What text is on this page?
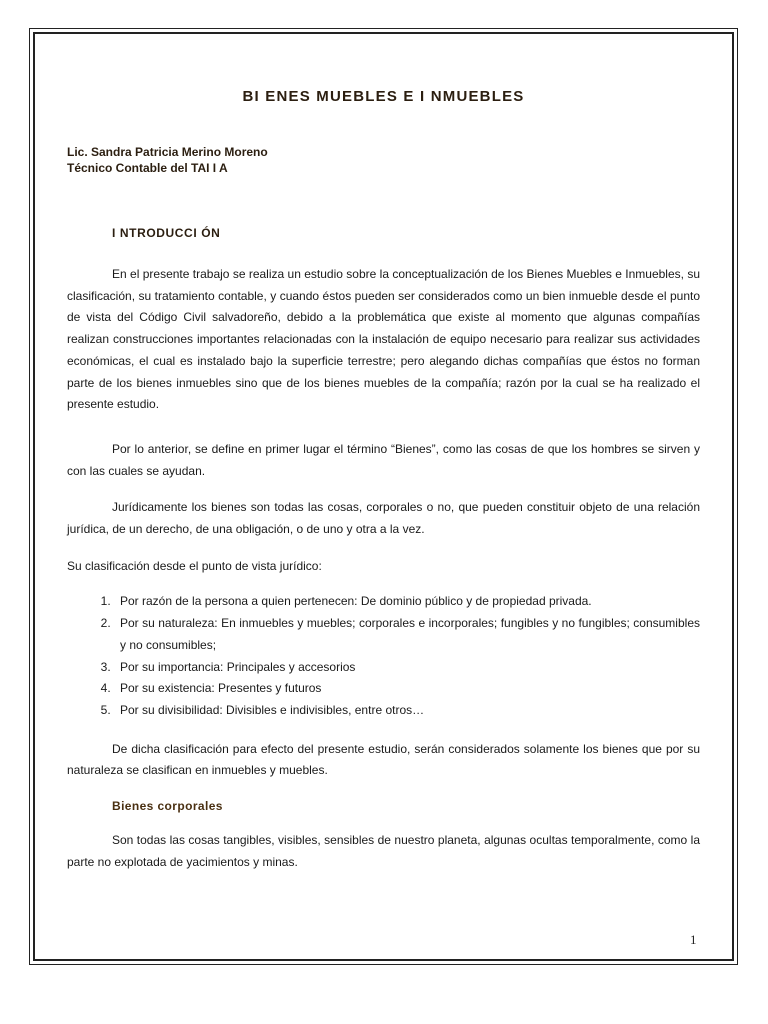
BI ENES MUEBLES E I NMUEBLES
Lic. Sandra Patricia Merino Moreno
Técnico Contable del TAI I A
I NTRODUCCI ÓN

En el presente trabajo se realiza un estudio sobre la conceptualización de los Bienes Muebles e Inmuebles, su clasificación, su tratamiento contable, y cuando éstos pueden ser considerados como un bien inmueble desde el punto de vista del Código Civil salvadoreño, debido a la problemática que existe al momento que algunas compañías realizan construcciones importantes relacionadas con la instalación de equipo necesario para realizar sus actividades económicas, el cual es instalado bajo la superficie terrestre; pero alegando dichas compañías que éstos no forman parte de los bienes inmuebles sino que de los bienes muebles de la compañía; razón por la cual se ha realizado el presente estudio.

Por lo anterior, se define en primer lugar el término “Bienes”, como las cosas de que los hombres se sirven y con las cuales se ayudan.

Jurídicamente los bienes son todas las cosas, corporales o no, que pueden constituir objeto de una relación jurídica, de un derecho, de una obligación, o de uno y otra a la vez.

Su clasificación desde el punto de vista jurídico:

1. Por razón de la persona a quien pertenecen: De dominio público y de propiedad privada.
2. Por su naturaleza: En inmuebles y muebles; corporales e incorporales; fungibles y no fungibles; consumibles y no consumibles;
3. Por su importancia: Principales y accesorios
4. Por su existencia: Presentes y futuros
5. Por su divisibilidad: Divisibles e indivisibles, entre otros…

De dicha clasificación para efecto del presente estudio, serán considerados solamente los bienes que por su naturaleza se clasifican en inmuebles y muebles.

Bienes corporales

Son todas las cosas tangibles, visibles, sensibles de nuestro planeta, algunas ocultas temporalmente, como la parte no explotada de yacimientos y minas.

1
